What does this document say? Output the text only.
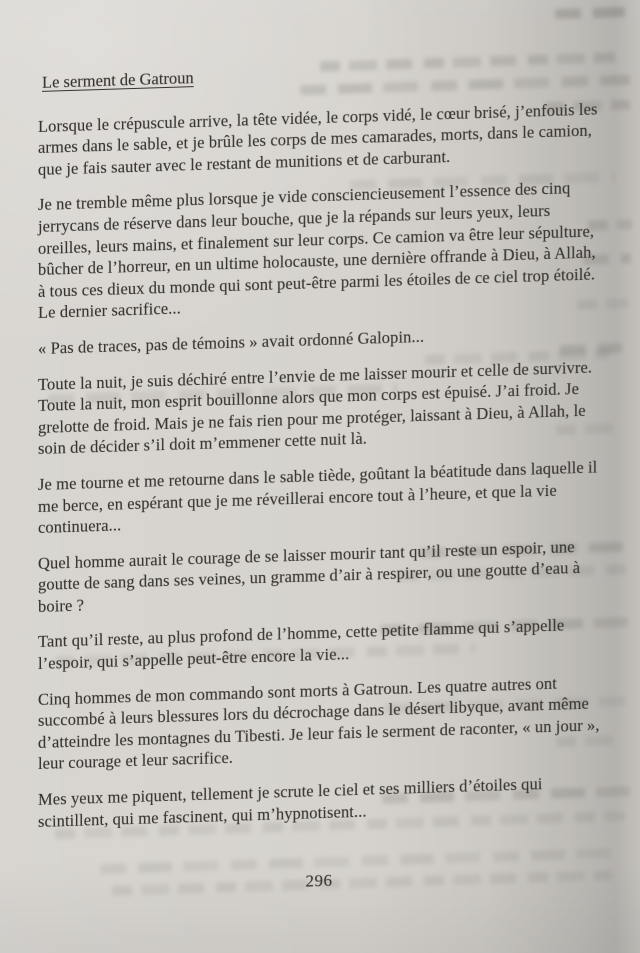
Le serment de Gatroun

Lorsque le crépuscule arrive, la tête vidée, le corps vidé, le cœur brisé, j’enfouis les armes dans le sable, et je brûle les corps de mes camarades, morts, dans le camion, que je fais sauter avec le restant de munitions et de carburant.

Je ne tremble même plus lorsque je vide consciencieusement l’essence des cinq jerrycans de réserve dans leur bouche, que je la répands sur leurs yeux, leurs oreilles, leurs mains, et finalement sur leur corps. Ce camion va être leur sépulture, bûcher de l’horreur, en un ultime holocauste, une dernière offrande à Dieu, à Allah, à tous ces dieux du monde qui sont peut-être parmi les étoiles de ce ciel trop étoilé. Le dernier sacrifice...

« Pas de traces, pas de témoins » avait ordonné Galopin...

Toute la nuit, je suis déchiré entre l’envie de me laisser mourir et celle de survivre. Toute la nuit, mon esprit bouillonne alors que mon corps est épuisé. J’ai froid. Je grelotte de froid. Mais je ne fais rien pour me protéger, laissant à Dieu, à Allah, le soin de décider s’il doit m’emmener cette nuit là.

Je me tourne et me retourne dans le sable tiède, goûtant la béatitude dans laquelle il me berce, en espérant que je me réveillerai encore tout à l’heure, et que la vie continuera...

Quel homme aurait le courage de se laisser mourir tant qu’il reste un espoir, une goutte de sang dans ses veines, un gramme d’air à respirer, ou une goutte d’eau à boire ?

Tant qu’il reste, au plus profond de l’homme, cette petite flamme qui s’appelle l’espoir, qui s’appelle peut-être encore la vie...

Cinq hommes de mon commando sont morts à Gatroun. Les quatre autres ont succombé à leurs blessures lors du décrochage dans le désert libyque, avant même d’atteindre les montagnes du Tibesti. Je leur fais le serment de raconter, « un jour », leur courage et leur sacrifice.

Mes yeux me piquent, tellement je scrute le ciel et ses milliers d’étoiles qui scintillent, qui me fascinent, qui m’hypnotisent...

296
